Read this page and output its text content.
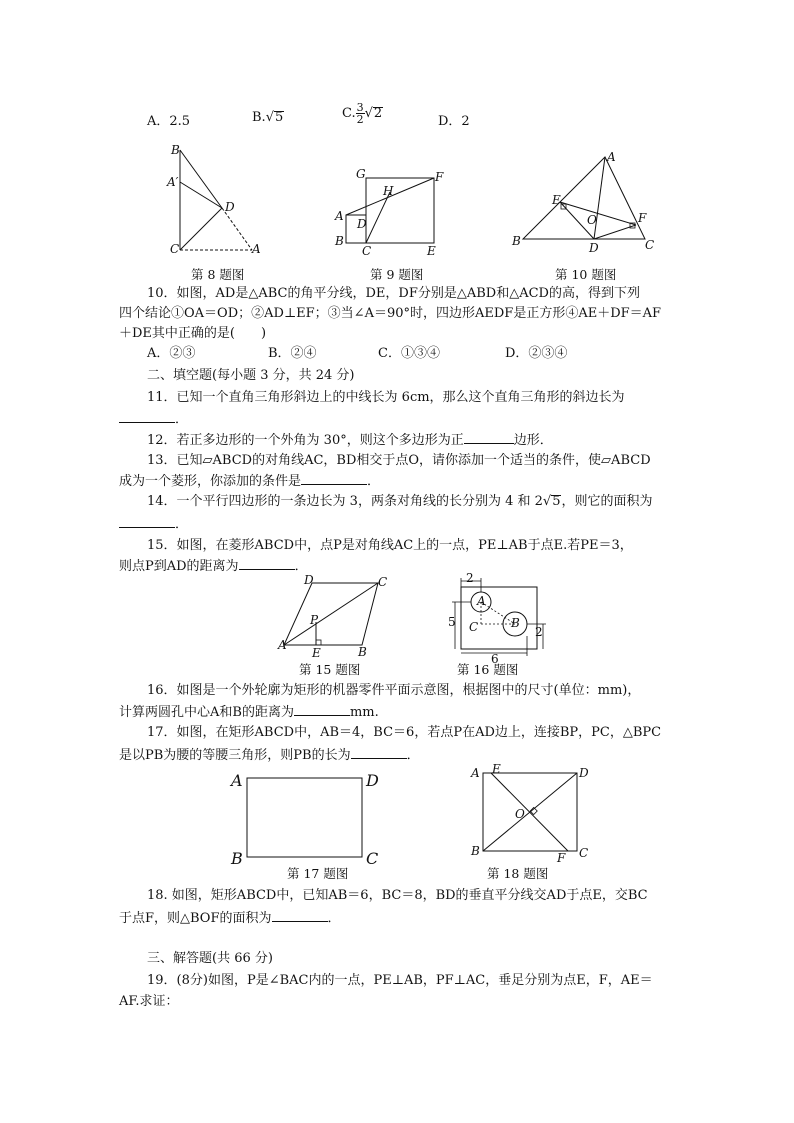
A．2.5	B.√5	C. $\frac{3}{2} √2$
D．2
B
A′
D
C	A
第 8 题图
G	F
H
A
D
B
C	E
第 9 题图
A
E
F
O
B	D	C
第 10 题图
10．如图，AD是△ABC的角平分线，DE，DF分别是△ABD和△ACD的高，得到下列
四个结论①OA＝OD；②AD⊥EF；③当∠A＝90°时，四边形AEDF是正方形④AE＋DF＝AF
＋DE其中正确的是(　　)
A．②③	B．②④	C．①③④	D．②③④
二、填空题(每小题 3 分，共 24 分)
11．已知一个直角三角形斜边上的中线长为 6cm，那么这个直角三角形的斜边长为
．
12．若正多边形的一个外角为 30°，则这个多边形为正	边形．
13．已知▱ABCD的对角线AC，BD相交于点O，请你添加一个适当的条件，使▱ABCD
成为一个菱形，你添加的条件是	．
14．一个平行四边形的一条边长为 3，两条对角线的长分别为 4 和 2√5，则它的面积为
．
15．如图，在菱形ABCD中，点P是对角线AC上的一点，PE⊥AB于点E.若PE＝3，
则点P到AD的距离为	．
D	C
P
A
E	B
第 15 题图
2
A
5 C	B
2
6
第 16 题图
16．如图是一个外轮廓为矩形的机器零件平面示意图，根据图中的尺寸(单位：mm)，
计算两圆孔中心A和B的距离为	mm.
17．如图，在矩形ABCD中，AB＝4，BC＝6，若点P在AD边上，连接BP，PC，△BPC
是以PB为腰的等腰三角形，则PB的长为	．
A	D
B	C
第 17 题图
A E	D
O
B	F C
第 18 题图
18. 如图，矩形ABCD中，已知AB＝6，BC＝8，BD的垂直平分线交AD于点E，交BC
于点F，则△BOF的面积为	．
三、解答题(共 66 分)
19．(8分)如图，P是∠BAC内的一点，PE⊥AB，PF⊥AC，垂足分别为点E，F，AE＝
AF.求证：
